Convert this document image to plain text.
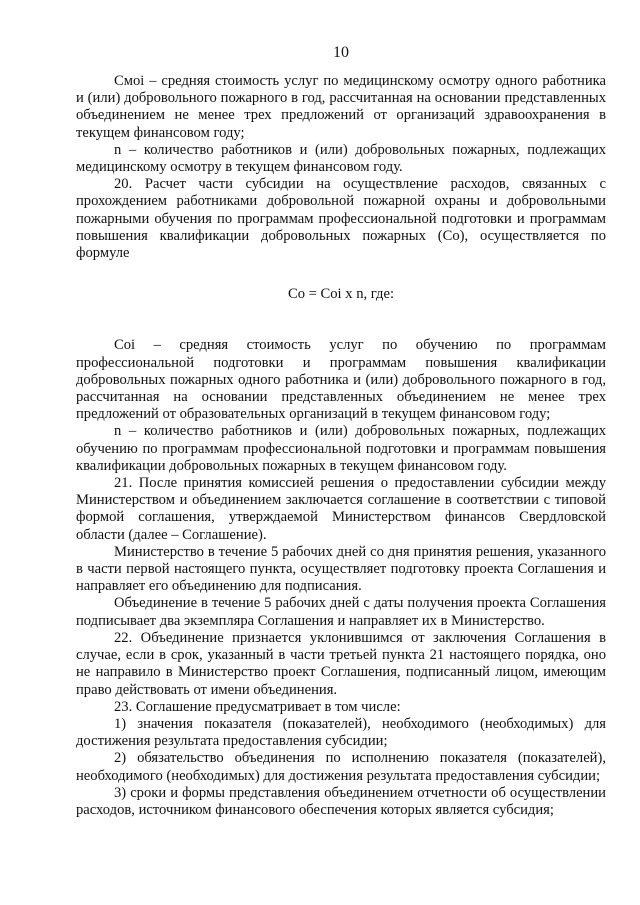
10

Смоi – средняя стоимость услуг по медицинскому осмотру одного работника и (или) добровольного пожарного в год, рассчитанная на основании представленных объединением не менее трех предложений от организаций здравоохранения в текущем финансовом году;

n – количество работников и (или) добровольных пожарных, подлежащих медицинскому осмотру в текущем финансовом году.

20. Расчет части субсидии на осуществление расходов, связанных с прохождением работниками добровольной пожарной охраны и добровольными пожарными обучения по программам профессиональной подготовки и программам повышения квалификации добровольных пожарных (Со), осуществляется по формуле

Со = Соi x n, где:

Соi – средняя стоимость услуг по обучению по программам профессиональной подготовки и программам повышения квалификации добровольных пожарных одного работника и (или) добровольного пожарного в год, рассчитанная на основании представленных объединением не менее трех предложений от образовательных организаций в текущем финансовом году;

n – количество работников и (или) добровольных пожарных, подлежащих обучению по программам профессиональной подготовки и программам повышения квалификации добровольных пожарных в текущем финансовом году.

21. После принятия комиссией решения о предоставлении субсидии между Министерством и объединением заключается соглашение в соответствии с типовой формой соглашения, утверждаемой Министерством финансов Свердловской области (далее – Соглашение).

Министерство в течение 5 рабочих дней со дня принятия решения, указанного в части первой настоящего пункта, осуществляет подготовку проекта Соглашения и направляет его объединению для подписания.

Объединение в течение 5 рабочих дней с даты получения проекта Соглашения подписывает два экземпляра Соглашения и направляет их в Министерство.

22. Объединение признается уклонившимся от заключения Соглашения в случае, если в срок, указанный в части третьей пункта 21 настоящего порядка, оно не направило в Министерство проект Соглашения, подписанный лицом, имеющим право действовать от имени объединения.

23. Соглашение предусматривает в том числе:

1) значения показателя (показателей), необходимого (необходимых) для достижения результата предоставления субсидии;

2) обязательство объединения по исполнению показателя (показателей), необходимого (необходимых) для достижения результата предоставления субсидии;

3) сроки и формы представления объединением отчетности об осуществлении расходов, источником финансового обеспечения которых является субсидия;
